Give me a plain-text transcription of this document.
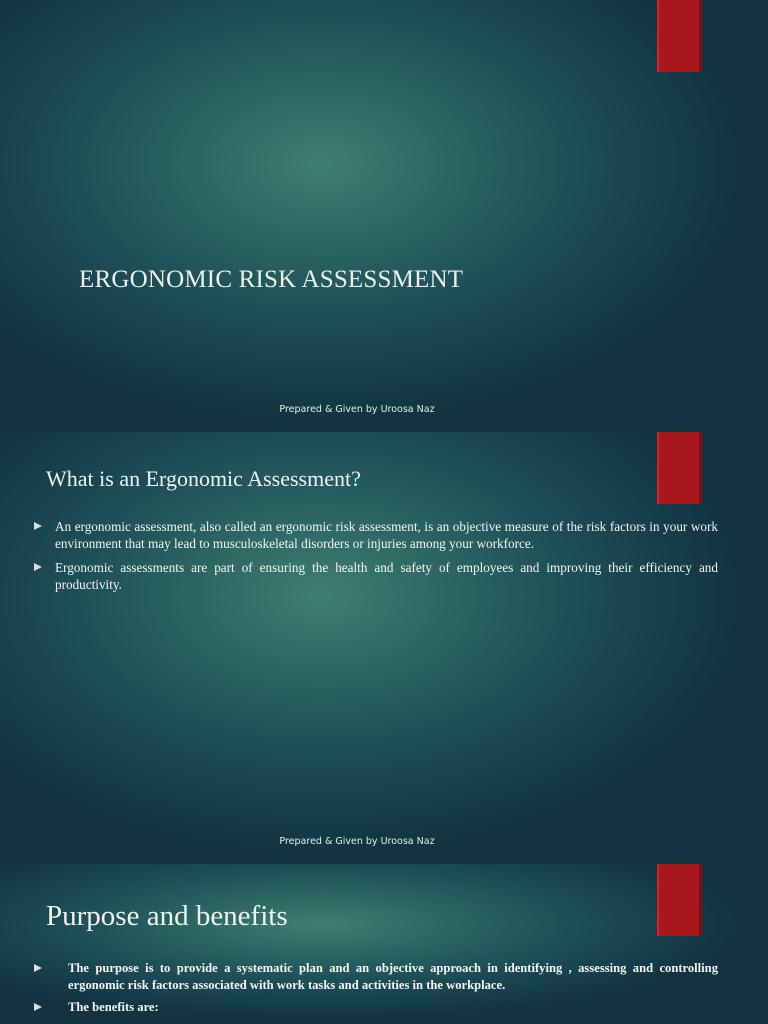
ERGONOMIC RISK ASSESSMENT
Prepared & Given by Uroosa Naz
What is an Ergonomic Assessment?
An ergonomic assessment, also called an ergonomic risk assessment, is an objective measure of the risk factors in your work environment that may lead to musculoskeletal disorders or injuries among your workforce.
Ergonomic assessments are part of ensuring the health and safety of employees and improving their efficiency and productivity.
Prepared & Given by Uroosa Naz
Purpose and benefits
The purpose is to provide a systematic plan and an objective approach in identifying , assessing and controlling ergonomic risk factors associated with work tasks and activities in the workplace.
The benefits are:
